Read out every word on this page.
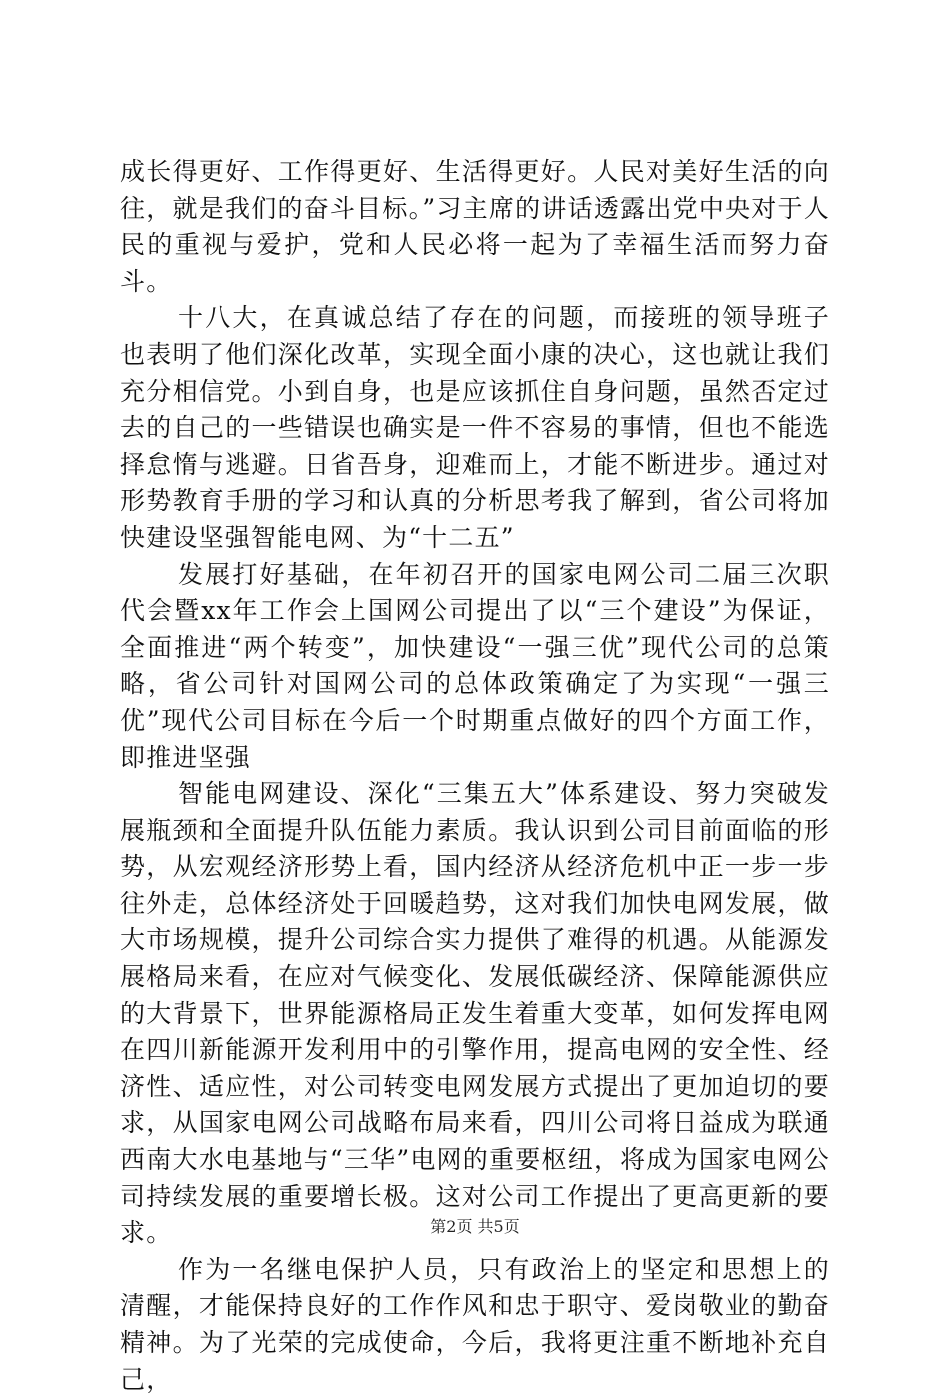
成长得更好、工作得更好、生活得更好。人民对美好生活的向往，就是我们的奋斗目标。”习主席的讲话透露出党中央对于人民的重视与爱护，党和人民必将一起为了幸福生活而努力奋斗。

十八大，在真诚总结了存在的问题，而接班的领导班子也表明了他们深化改革，实现全面小康的决心，这也就让我们充分相信党。小到自身，也是应该抓住自身问题，虽然否定过去的自己的一些错误也确实是一件不容易的事情，但也不能选择怠惰与逃避。日省吾身，迎难而上，才能不断进步。通过对形势教育手册的学习和认真的分析思考我了解到，省公司将加快建设坚强智能电网、为“十二五”

发展打好基础，在年初召开的国家电网公司二届三次职代会暨xx年工作会上国网公司提出了以“三个建设”为保证，全面推进“两个转变”，加快建设“一强三优”现代公司的总策略，省公司针对国网公司的总体政策确定了为实现“一强三优”现代公司目标在今后一个时期重点做好的四个方面工作，即推进坚强

智能电网建设、深化“三集五大”体系建设、努力突破发展瓶颈和全面提升队伍能力素质。我认识到公司目前面临的形势，从宏观经济形势上看，国内经济从经济危机中正一步一步往外走，总体经济处于回暖趋势，这对我们加快电网发展，做大市场规模，提升公司综合实力提供了难得的机遇。从能源发展格局来看，在应对气候变化、发展低碳经济、保障能源供应的大背景下，世界能源格局正发生着重大变革，如何发挥电网在四川新能源开发利用中的引擎作用，提高电网的安全性、经济性、适应性，对公司转变电网发展方式提出了更加迫切的要求，从国家电网公司战略布局来看，四川公司将日益成为联通西南大水电基地与“三华”电网的重要枢纽，将成为国家电网公司持续发展的重要增长极。这对公司工作提出了更高更新的要求。

作为一名继电保护人员，只有政治上的坚定和思想上的清醒，才能保持良好的工作作风和忠于职守、爱岗敬业的勤奋精神。为了光荣的完成使命，今后，我将更注重不断地补充自己，

第2页 共5页
